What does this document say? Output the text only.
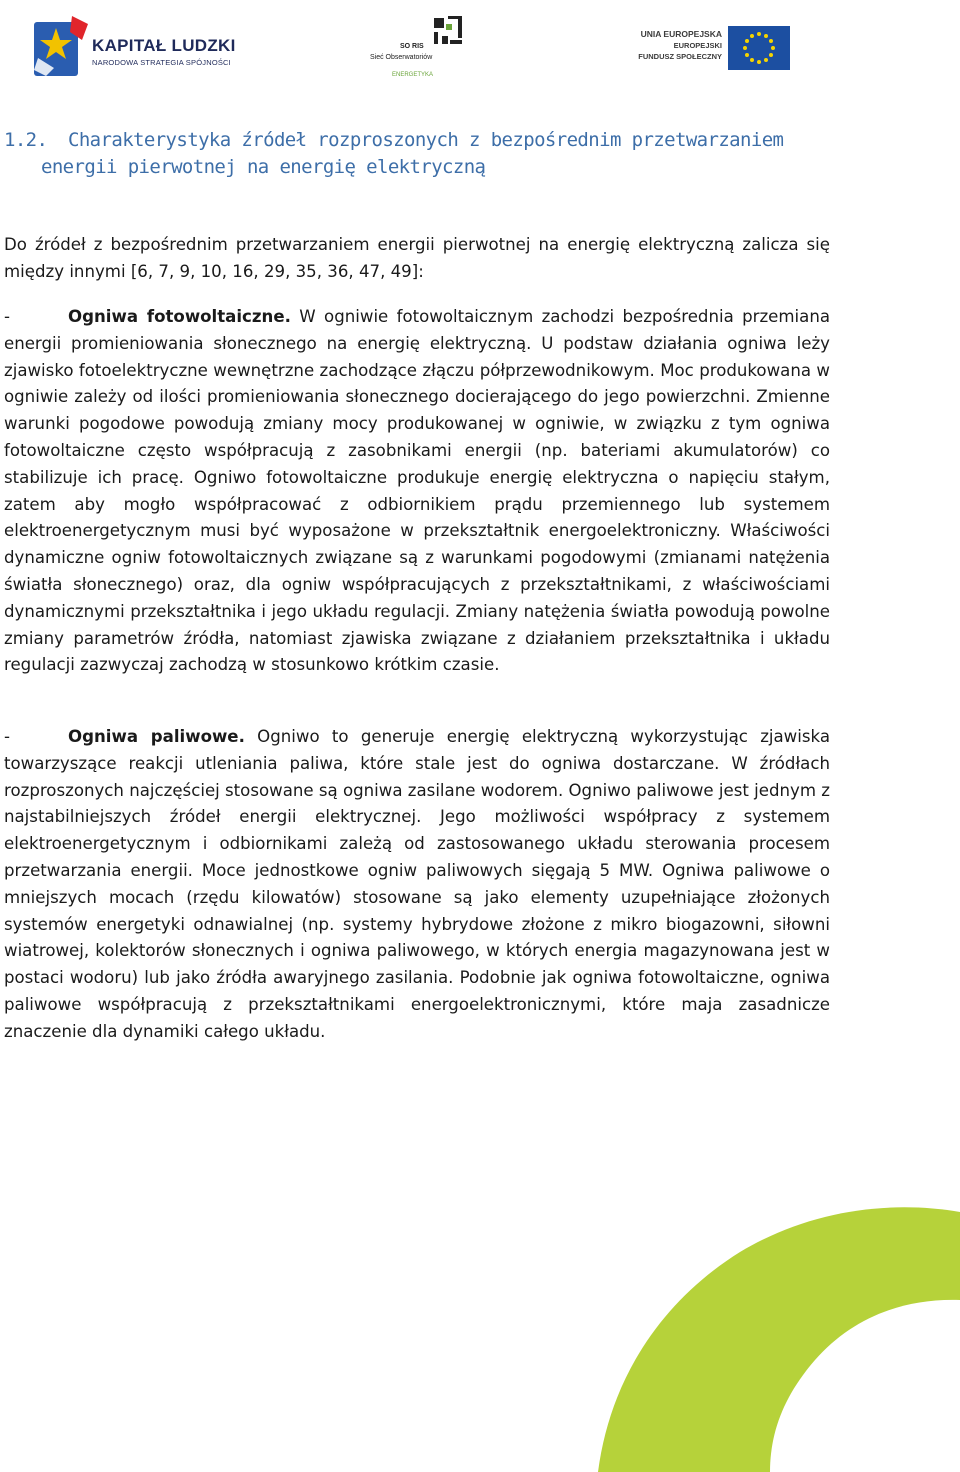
KAPITAŁ LUDZKI
NARODOWA STRATEGIA SPÓJNOŚCI
SO RIS
Sieć Obserwatoriów
ENERGETYKA
UNIA EUROPEJSKA
EUROPEJSKI
FUNDUSZ SPOŁECZNY
1.2. Charakterystyka źródeł rozproszonych z bezpośrednim przetwarzaniem
energii pierwotnej na energię elektryczną
Do źródeł z bezpośrednim przetwarzaniem energii pierwotnej na energię elektryczną zalicza się między innymi [6, 7, 9, 10, 16, 29, 35, 36, 47, 49]:
-	Ogniwa fotowoltaiczne. W ogniwie fotowoltaicznym zachodzi bezpośrednia przemiana energii promieniowania słonecznego na energię elektryczną. U podstaw działania ogniwa leży zjawisko fotoelektryczne wewnętrzne zachodzące złączu półprzewodnikowym. Moc produkowana w ogniwie zależy od ilości promieniowania słonecznego docierającego do jego powierzchni. Zmienne warunki pogodowe powodują zmiany mocy produkowanej w ogniwie, w związku z tym ogniwa fotowoltaiczne często współpracują z zasobnikami energii (np. bateriami akumulatorów) co stabilizuje ich pracę. Ogniwo fotowoltaiczne produkuje energię elektryczna o napięciu stałym, zatem aby mogło współpracować z odbiornikiem prądu przemiennego lub systemem elektroenergetycznym musi być wyposażone w przekształtnik energoelektroniczny. Właściwości dynamiczne ogniw fotowoltaicznych związane są z warunkami pogodowymi (zmianami natężenia światła słonecznego) oraz, dla ogniw współpracujących z przekształtnikami, z właściwościami dynamicznymi przekształtnika i jego układu regulacji. Zmiany natężenia światła powodują powolne zmiany parametrów źródła, natomiast zjawiska związane z działaniem przekształtnika i układu regulacji zazwyczaj zachodzą w stosunkowo krótkim czasie.
-	Ogniwa paliwowe. Ogniwo to generuje energię elektryczną wykorzystując zjawiska towarzyszące reakcji utleniania paliwa, które stale jest do ogniwa dostarczane. W źródłach rozproszonych najczęściej stosowane są ogniwa zasilane wodorem. Ogniwo paliwowe jest jednym z najstabilniejszych źródeł energii elektrycznej. Jego możliwości współpracy z systemem elektroenergetycznym i odbiornikami zależą od zastosowanego układu sterowania procesem przetwarzania energii. Moce jednostkowe ogniw paliwowych sięgają 5 MW. Ogniwa paliwowe o mniejszych mocach (rzędu kilowatów) stosowane są jako elementy uzupełniające złożonych systemów energetyki odnawialnej (np. systemy hybrydowe złożone z mikro biogazowni, siłowni wiatrowej, kolektorów słonecznych i ogniwa paliwowego, w których energia magazynowana jest w postaci wodoru) lub jako źródła awaryjnego zasilania. Podobnie jak ogniwa fotowoltaiczne, ogniwa paliwowe współpracują z przekształtnikami energoelektronicznymi, które maja zasadnicze znaczenie dla dynamiki całego układu.
